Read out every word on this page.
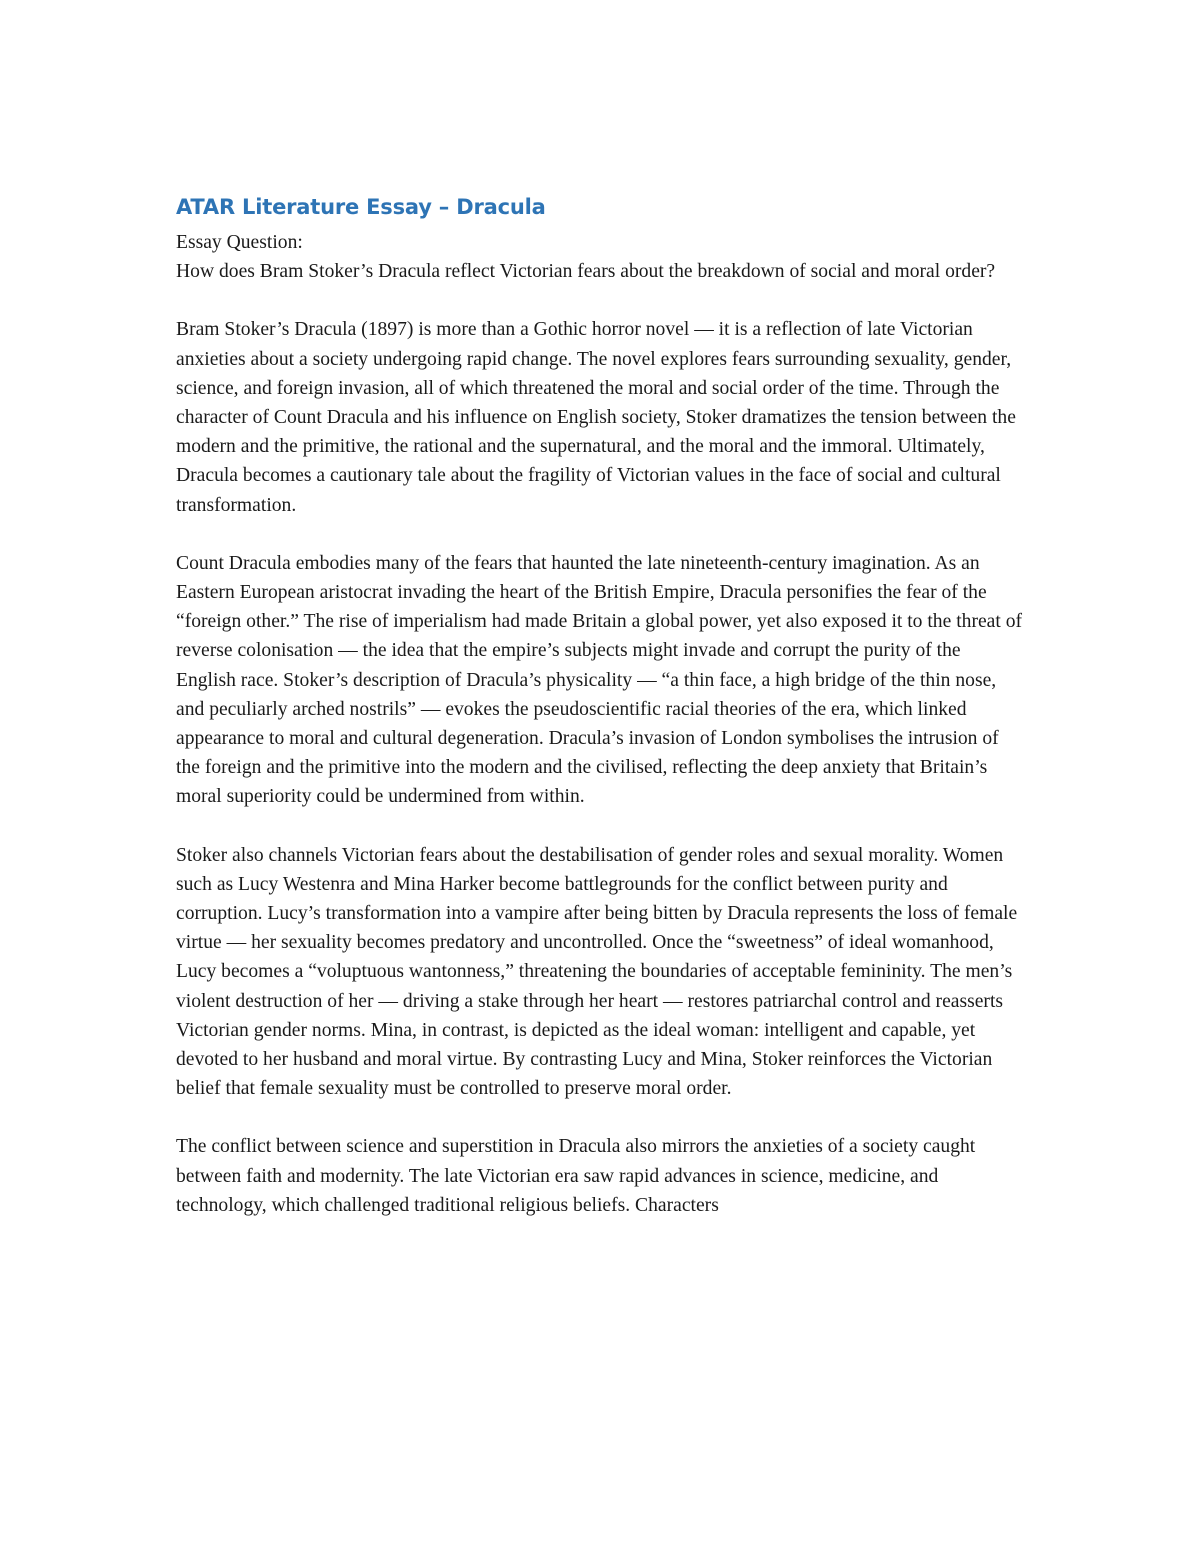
ATAR Literature Essay – Dracula

Essay Question:

How does Bram Stoker’s Dracula reflect Victorian fears about the breakdown of social and moral order?

Bram Stoker’s Dracula (1897) is more than a Gothic horror novel — it is a reflection of late Victorian anxieties about a society undergoing rapid change. The novel explores fears surrounding sexuality, gender, science, and foreign invasion, all of which threatened the moral and social order of the time. Through the character of Count Dracula and his influence on English society, Stoker dramatizes the tension between the modern and the primitive, the rational and the supernatural, and the moral and the immoral. Ultimately, Dracula becomes a cautionary tale about the fragility of Victorian values in the face of social and cultural transformation.

Count Dracula embodies many of the fears that haunted the late nineteenth-century imagination. As an Eastern European aristocrat invading the heart of the British Empire, Dracula personifies the fear of the “foreign other.” The rise of imperialism had made Britain a global power, yet also exposed it to the threat of reverse colonisation — the idea that the empire’s subjects might invade and corrupt the purity of the English race. Stoker’s description of Dracula’s physicality — “a thin face, a high bridge of the thin nose, and peculiarly arched nostrils” — evokes the pseudoscientific racial theories of the era, which linked appearance to moral and cultural degeneration. Dracula’s invasion of London symbolises the intrusion of the foreign and the primitive into the modern and the civilised, reflecting the deep anxiety that Britain’s moral superiority could be undermined from within.

Stoker also channels Victorian fears about the destabilisation of gender roles and sexual morality. Women such as Lucy Westenra and Mina Harker become battlegrounds for the conflict between purity and corruption. Lucy’s transformation into a vampire after being bitten by Dracula represents the loss of female virtue — her sexuality becomes predatory and uncontrolled. Once the “sweetness” of ideal womanhood, Lucy becomes a “voluptuous wantonness,” threatening the boundaries of acceptable femininity. The men’s violent destruction of her — driving a stake through her heart — restores patriarchal control and reasserts Victorian gender norms. Mina, in contrast, is depicted as the ideal woman: intelligent and capable, yet devoted to her husband and moral virtue. By contrasting Lucy and Mina, Stoker reinforces the Victorian belief that female sexuality must be controlled to preserve moral order.

The conflict between science and superstition in Dracula also mirrors the anxieties of a society caught between faith and modernity. The late Victorian era saw rapid advances in science, medicine, and technology, which challenged traditional religious beliefs. Characters
